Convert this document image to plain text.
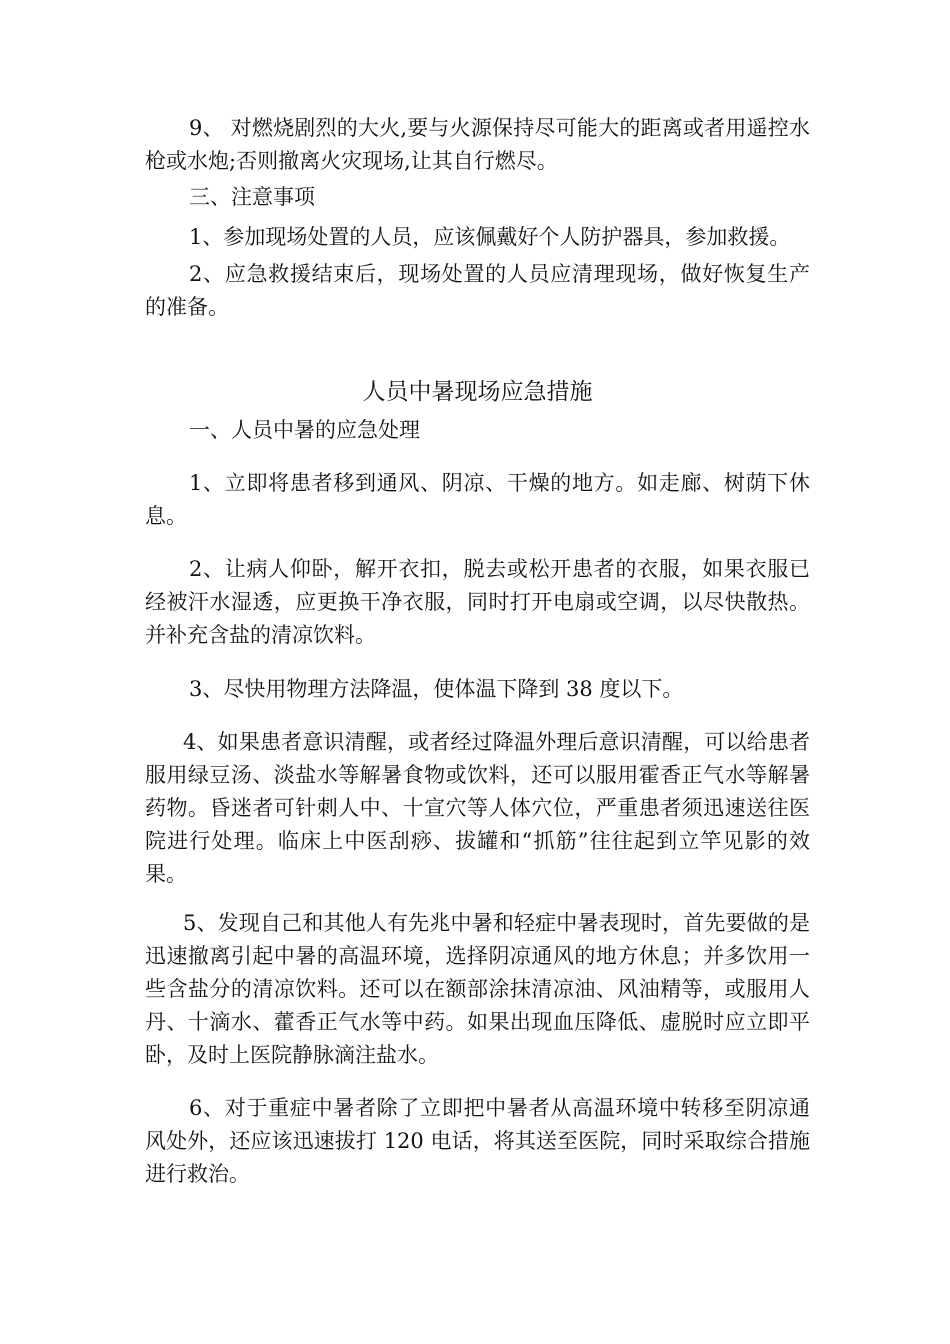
9、 对燃烧剧烈的大火,要与火源保持尽可能大的距离或者用遥控水枪或水炮;否则撤离火灾现场,让其自行燃尽。

三、注意事项

1、参加现场处置的人员，应该佩戴好个人防护器具，参加救援。

2、应急救援结束后，现场处置的人员应清理现场，做好恢复生产的准备。

人员中暑现场应急措施

一、人员中暑的应急处理

1、立即将患者移到通风、阴凉、干燥的地方。如走廊、树荫下休息。

2、让病人仰卧，解开衣扣，脱去或松开患者的衣服，如果衣服已经被汗水湿透，应更换干净衣服，同时打开电扇或空调，以尽快散热。并补充含盐的清凉饮料。

3、尽快用物理方法降温，使体温下降到 38 度以下。

4、如果患者意识清醒，或者经过降温外理后意识清醒，可以给患者服用绿豆汤、淡盐水等解暑食物或饮料，还可以服用霍香正气水等解暑药物。昏迷者可针刺人中、十宣穴等人体穴位，严重患者须迅速送往医院进行处理。临床上中医刮痧、拔罐和“抓筋”往往起到立竿见影的效果。

5、发现自己和其他人有先兆中暑和轻症中暑表现时，首先要做的是迅速撤离引起中暑的高温环境，选择阴凉通风的地方休息；并多饮用一些含盐分的清凉饮料。还可以在额部涂抹清凉油、风油精等，或服用人丹、十滴水、藿香正气水等中药。如果出现血压降低、虚脱时应立即平卧，及时上医院静脉滴注盐水。

6、对于重症中暑者除了立即把中暑者从高温环境中转移至阴凉通风处外，还应该迅速拔打 120 电话，将其送至医院，同时采取综合措施进行救治。
